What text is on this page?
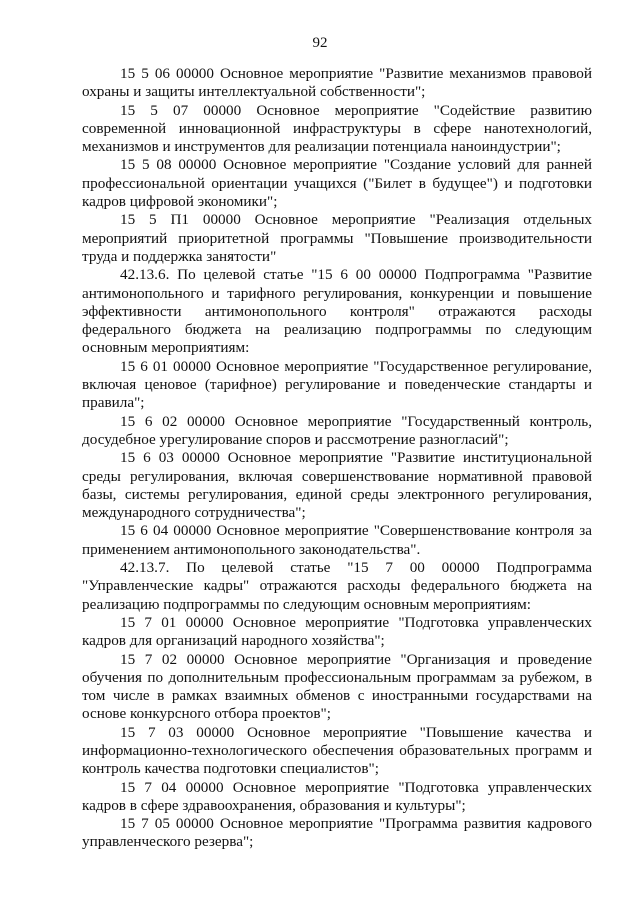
92

15 5 06 00000 Основное мероприятие "Развитие механизмов правовой охраны и защиты интеллектуальной собственности";

15 5 07 00000 Основное мероприятие "Содействие развитию современной инновационной инфраструктуры в сфере нанотехнологий, механизмов и инструментов для реализации потенциала наноиндустрии";

15 5 08 00000 Основное мероприятие "Создание условий для ранней профессиональной ориентации учащихся ("Билет в будущее") и подготовки кадров цифровой экономики";

15 5 П1 00000 Основное мероприятие "Реализация отдельных мероприятий приоритетной программы "Повышение производительности труда и поддержка занятости"

42.13.6. По целевой статье "15 6 00 00000 Подпрограмма "Развитие антимонопольного и тарифного регулирования, конкуренции и повышение эффективности антимонопольного контроля" отражаются расходы федерального бюджета на реализацию подпрограммы по следующим основным мероприятиям:

15 6 01 00000 Основное мероприятие "Государственное регулирование, включая ценовое (тарифное) регулирование и поведенческие стандарты и правила";

15 6 02 00000 Основное мероприятие "Государственный контроль, досудебное урегулирование споров и рассмотрение разногласий";

15 6 03 00000 Основное мероприятие "Развитие институциональной среды регулирования, включая совершенствование нормативной правовой базы, системы регулирования, единой среды электронного регулирования, международного сотрудничества";

15 6 04 00000 Основное мероприятие "Совершенствование контроля за применением антимонопольного законодательства".

42.13.7. По целевой статье "15 7 00 00000 Подпрограмма "Управленческие кадры" отражаются расходы федерального бюджета на реализацию подпрограммы по следующим основным мероприятиям:

15 7 01 00000 Основное мероприятие "Подготовка управленческих кадров для организаций народного хозяйства";

15 7 02 00000 Основное мероприятие "Организация и проведение обучения по дополнительным профессиональным программам за рубежом, в том числе в рамках взаимных обменов с иностранными государствами на основе конкурсного отбора проектов";

15 7 03 00000 Основное мероприятие "Повышение качества и информационно-технологического обеспечения образовательных программ и контроль качества подготовки специалистов";

15 7 04 00000 Основное мероприятие "Подготовка управленческих кадров в сфере здравоохранения, образования и культуры";

15 7 05 00000 Основное мероприятие "Программа развития кадрового управленческого резерва";
